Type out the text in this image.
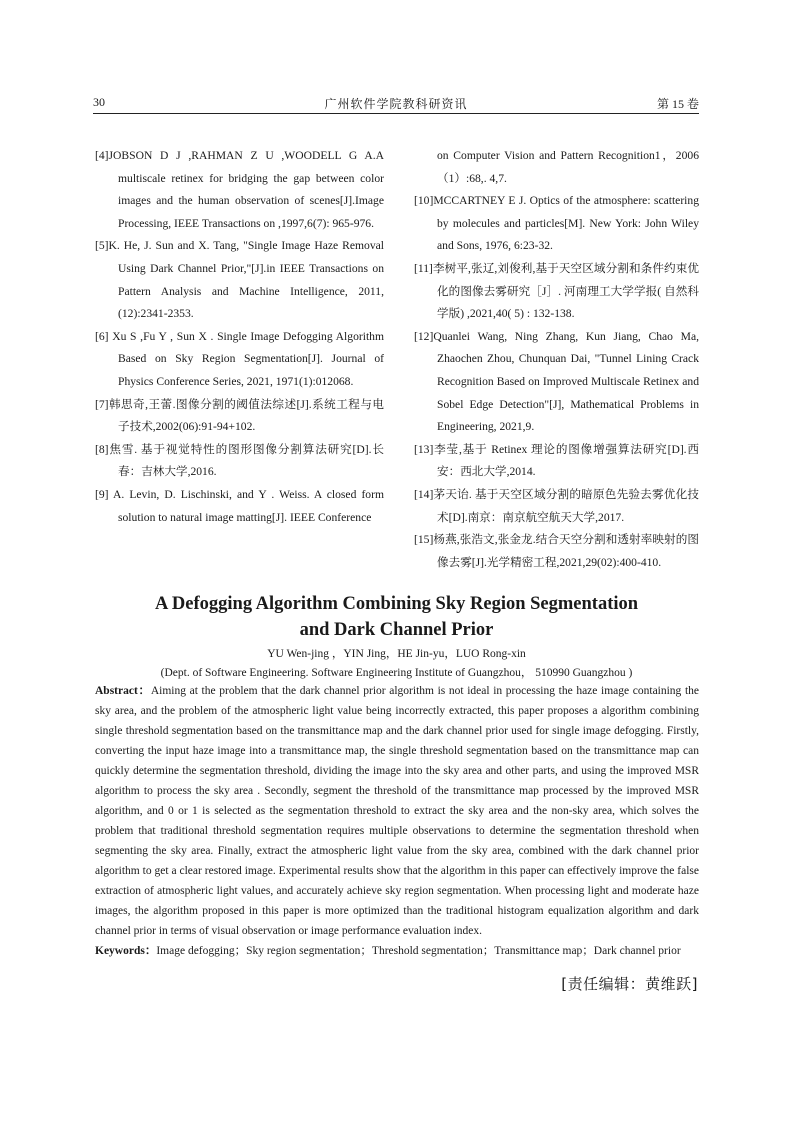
30	广州软件学院教科研资讯	第 15 卷

[4]JOBSON D J ,RAHMAN Z U ,WOODELL G A.A multiscale retinex for bridging the gap between color images and the human observation of scenes[J].Image Processing, IEEE Transactions on ,1997,6(7): 965-976.

[5]K. He, J. Sun and X. Tang, "Single Image Haze Removal Using Dark Channel Prior,"[J].in IEEE Transactions on Pattern Analysis and Machine Intelligence, 2011,(12):2341-2353.

[6] Xu S ,Fu Y , Sun X . Single Image Defogging Algorithm Based on Sky Region Segmentation[J]. Journal of Physics Conference Series, 2021, 1971(1):012068.

[7]韩思奇,王蕾.图像分割的阈值法综述[J].系统工程与电子技术,2002(06):91-94+102.

[8]焦雪. 基于视觉特性的图形图像分割算法研究[D].长春：吉林大学,2016.

[9] A. Levin, D. Lischinski, and Y . Weiss. A closed form solution to natural image matting[J]. IEEE Conference

on Computer Vision and Pattern Recognition1，2006（1）:68,. 4,7.

[10]MCCARTNEY E J. Optics of the atmosphere: scattering by molecules and particles[M]. New York: John Wiley and Sons, 1976, 6:23-32.

[11]李树平,张辽,刘俊利,基于天空区域分割和条件约束优化的图像去雾研究［J］. 河南理工大学学报( 自然科学版) ,2021,40( 5) : 132-138.

[12]Quanlei Wang, Ning Zhang, Kun Jiang, Chao Ma, Zhaochen Zhou, Chunquan Dai, "Tunnel Lining Crack Recognition Based on Improved Multiscale Retinex and Sobel Edge Detection"[J], Mathematical Problems in Engineering, 2021,9.

[13]李莹,基于 Retinex 理论的图像增强算法研究[D].西安：西北大学,2014.

[14]茅天诒. 基于天空区域分割的暗原色先验去雾优化技术[D].南京：南京航空航天大学,2017.

[15]杨燕,张浩文,张金龙.结合天空分割和透射率映射的图像去雾[J].光学精密工程,2021,29(02):400-410.

A Defogging Algorithm Combining Sky Region Segmentation
and Dark Channel Prior
YU Wen-jing ，YIN Jing，HE Jin-yu，LUO Rong-xin
(Dept. of Software Engineering. Software Engineering Institute of Guangzhou， 510990 Guangzhou )

Abstract：Aiming at the problem that the dark channel prior algorithm is not ideal in processing the haze image containing the sky area, and the problem of the atmospheric light value being incorrectly extracted, this paper proposes a algorithm combining single threshold segmentation based on the transmittance map and the dark channel prior used for single image defogging. Firstly, converting the input haze image into a transmittance map, the single threshold segmentation based on the transmittance map can quickly determine the segmentation threshold, dividing the image into the sky area and other parts, and using the improved MSR algorithm to process the sky area . Secondly, segment the threshold of the transmittance map processed by the improved MSR algorithm, and 0 or 1 is selected as the segmentation threshold to extract the sky area and the non-sky area, which solves the problem that traditional threshold segmentation requires multiple observations to determine the segmentation threshold when segmenting the sky area. Finally, extract the atmospheric light value from the sky area, combined with the dark channel prior algorithm to get a clear restored image. Experimental results show that the algorithm in this paper can effectively improve the false extraction of atmospheric light values, and accurately achieve sky region segmentation. When processing light and moderate haze images, the algorithm proposed in this paper is more optimized than the traditional histogram equalization algorithm and dark channel prior in terms of visual observation or image performance evaluation index.

Keywords：Image defogging；Sky region segmentation；Threshold segmentation；Transmittance map；Dark channel prior
[责任编辑：黄维跃]
